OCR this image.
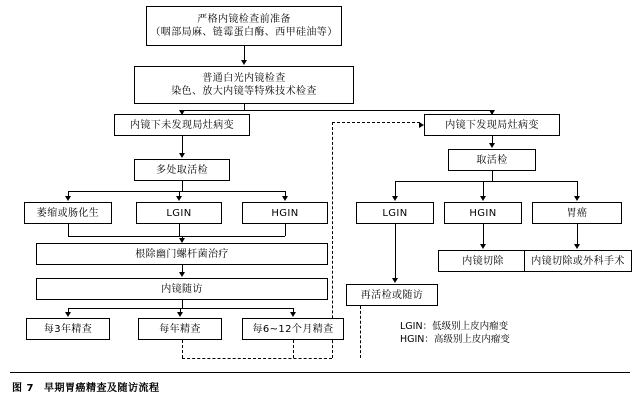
严格内镜检查前准备
（咽部局麻、链霉蛋白酶、西甲硅油等）
普通白光内镜检查
染色、放大内镜等特殊技术检查
内镜下未发现局灶病变	内镜下发现局灶病变
多处取活检
取活检
萎缩或肠化生	LGIN	HGIN	LGIN	HGIN	胃癌
根除幽门螺杆菌治疗
内镜随访
每3年精查	每年精查	每6~12个月精查
内镜切除	内镜切除或外科手术
再活检或随访
LGIN：低级别上皮内瘤变
HGIN：高级别上皮内瘤变
图 7 早期胃癌精查及随访流程
